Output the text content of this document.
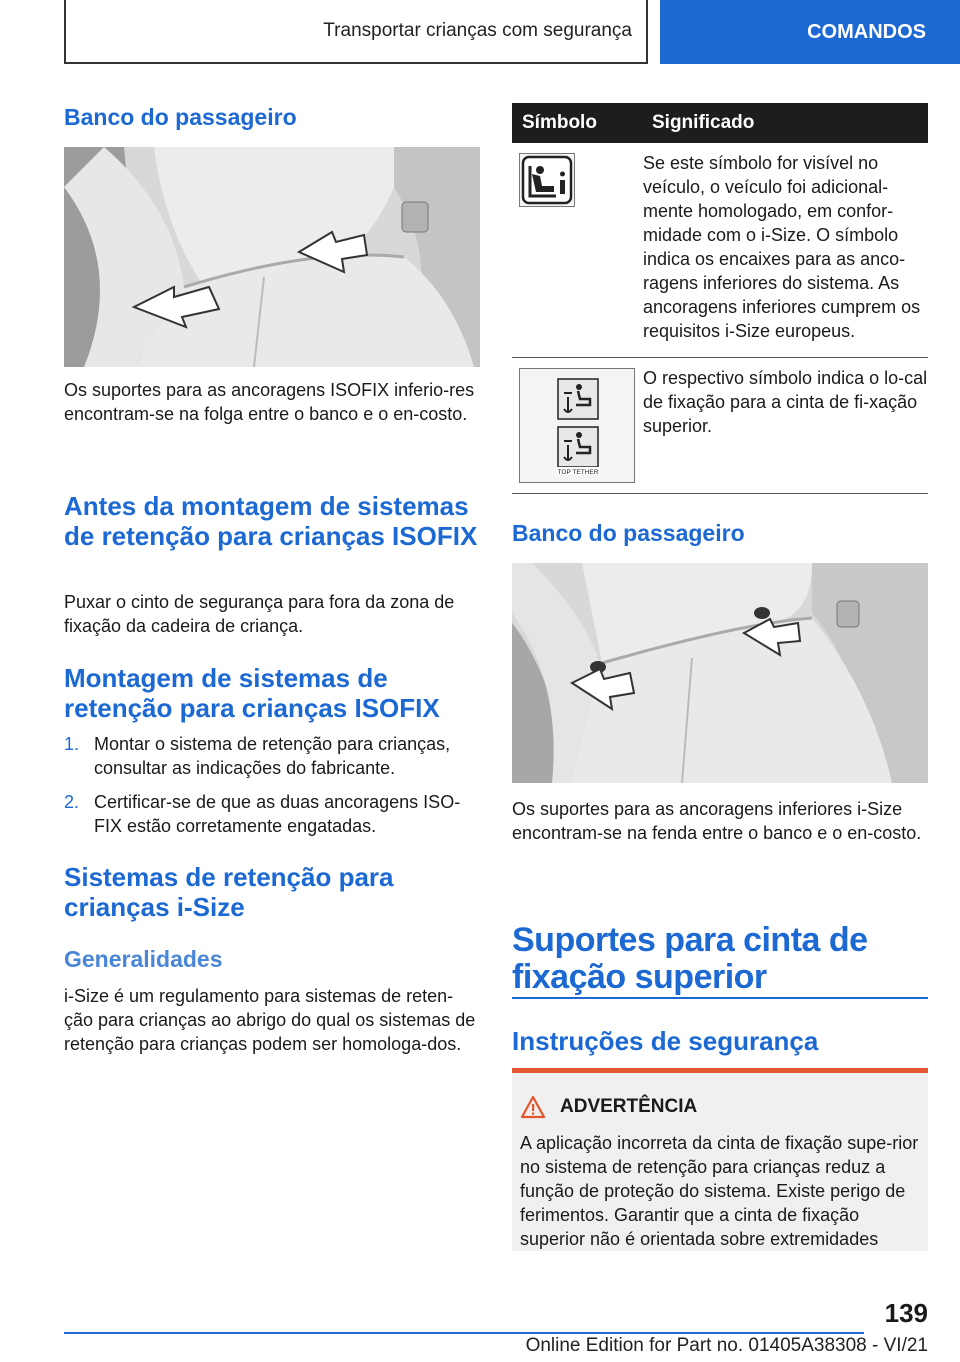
Transportar crianças com segurança	COMANDOS
Banco do passageiro
Os suportes para as ancoragens ISOFIX inferio-res encontram-se na folga entre o banco e o en-costo.
Antes da montagem de sistemas de retenção para crianças ISOFIX
Puxar o cinto de segurança para fora da zona de fixação da cadeira de criança.
Montagem de sistemas de retenção para crianças ISOFIX
1. Montar o sistema de retenção para crianças, consultar as indicações do fabricante.
2. Certificar-se de que as duas ancoragens ISO-FIX estão corretamente engatadas.
Sistemas de retenção para crianças i-Size
Generalidades
i-Size é um regulamento para sistemas de reten-ção para crianças ao abrigo do qual os sistemas de retenção para crianças podem ser homologa-dos.
Símbolo	Significado
Se este símbolo for visível no veículo, o veículo foi adicional-mente homologado, em confor-midade com o i-Size. O símbolo indica os encaixes para as anco-ragens inferiores do sistema. As ancoragens inferiores cumprem os requisitos i-Size europeus.
TOP TETHER
O respectivo símbolo indica o lo-cal de fixação para a cinta de fi-xação superior.
Banco do passageiro
Os suportes para as ancoragens inferiores i-Size encontram-se na fenda entre o banco e o en-costo.
Suportes para cinta de fixação superior
Instruções de segurança
ADVERTÊNCIA
A aplicação incorreta da cinta de fixação supe-rior no sistema de retenção para crianças reduz a função de proteção do sistema. Existe perigo de ferimentos. Garantir que a cinta de fixação superior não é orientada sobre extremidades
139
Online Edition for Part no. 01405A38308 - VI/21
